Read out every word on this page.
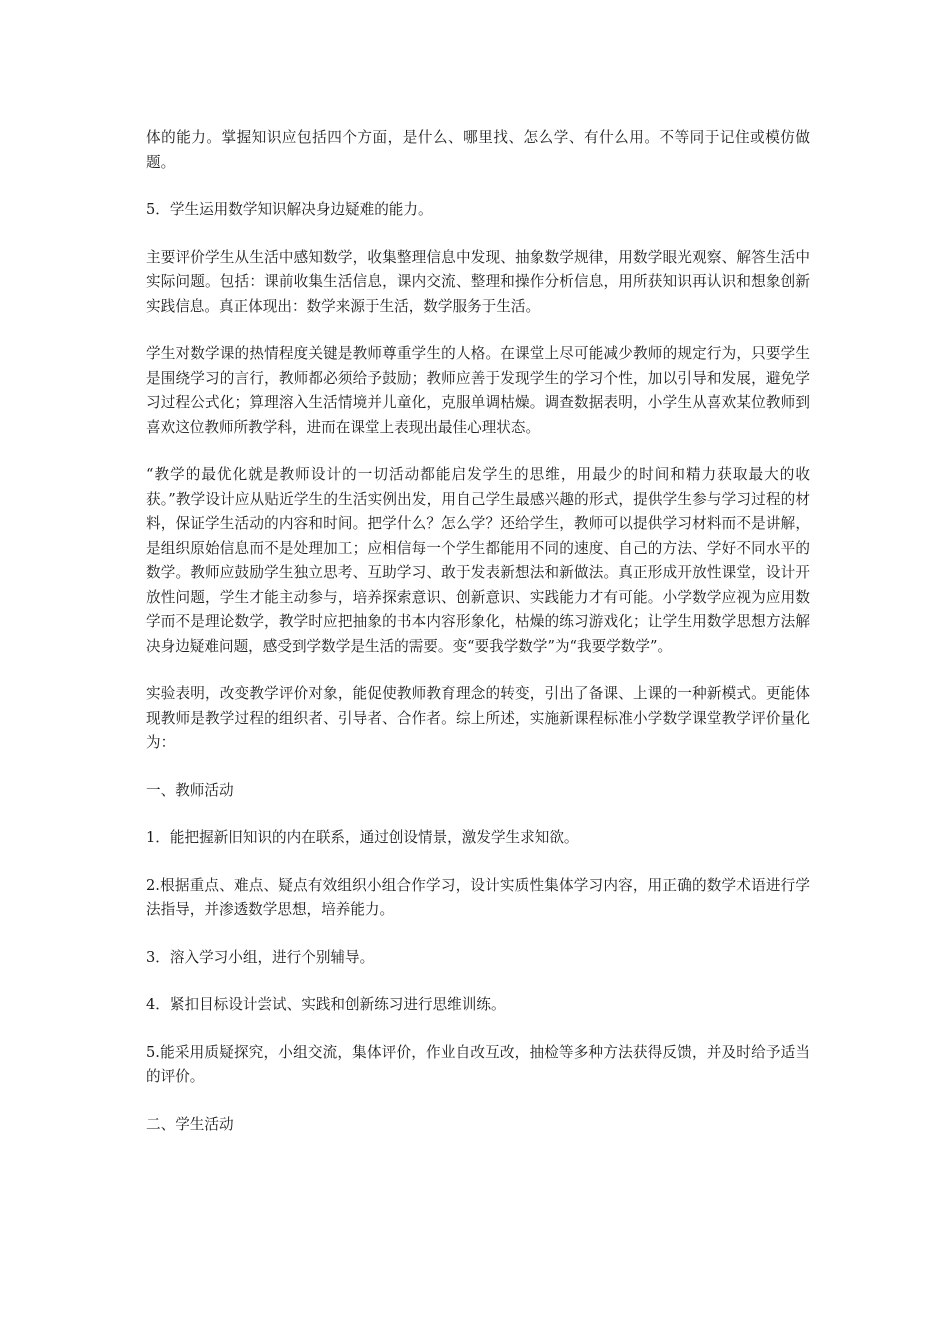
体的能力。掌握知识应包括四个方面，是什么、哪里找、怎么学、有什么用。不等同于记住或模仿做题。

5．学生运用数学知识解决身边疑难的能力。

主要评价学生从生活中感知数学，收集整理信息中发现、抽象数学规律，用数学眼光观察、解答生活中实际问题。包括：课前收集生活信息，课内交流、整理和操作分析信息，用所获知识再认识和想象创新实践信息。真正体现出：数学来源于生活，数学服务于生活。

学生对数学课的热情程度关键是教师尊重学生的人格。在课堂上尽可能减少教师的规定行为，只要学生是围绕学习的言行，教师都必须给予鼓励；教师应善于发现学生的学习个性，加以引导和发展，避免学习过程公式化；算理溶入生活情境并儿童化，克服单调枯燥。调查数据表明，小学生从喜欢某位教师到喜欢这位教师所教学科，进而在课堂上表现出最佳心理状态。

“教学的最优化就是教师设计的一切活动都能启发学生的思维，用最少的时间和精力获取最大的收获。”教学设计应从贴近学生的生活实例出发，用自己学生最感兴趣的形式，提供学生参与学习过程的材料，保证学生活动的内容和时间。把学什么？怎么学？还给学生，教师可以提供学习材料而不是讲解，是组织原始信息而不是处理加工；应相信每一个学生都能用不同的速度、自己的方法、学好不同水平的数学。教师应鼓励学生独立思考、互助学习、敢于发表新想法和新做法。真正形成开放性课堂，设计开放性问题，学生才能主动参与，培养探索意识、创新意识、实践能力才有可能。小学数学应视为应用数学而不是理论数学，教学时应把抽象的书本内容形象化，枯燥的练习游戏化；让学生用数学思想方法解决身边疑难问题，感受到学数学是生活的需要。变“要我学数学”为“我要学数学”。

实验表明，改变教学评价对象，能促使教师教育理念的转变，引出了备课、上课的一种新模式。更能体现教师是教学过程的组织者、引导者、合作者。综上所述，实施新课程标准小学数学课堂教学评价量化为：

一、教师活动

1．能把握新旧知识的内在联系，通过创设情景，激发学生求知欲。

2.根据重点、难点、疑点有效组织小组合作学习，设计实质性集体学习内容，用正确的数学术语进行学法指导，并渗透数学思想，培养能力。

3．溶入学习小组，进行个别辅导。

4．紧扣目标设计尝试、实践和创新练习进行思维训练。

5.能采用质疑探究，小组交流，集体评价，作业自改互改，抽检等多种方法获得反馈，并及时给予适当的评价。

二、学生活动
